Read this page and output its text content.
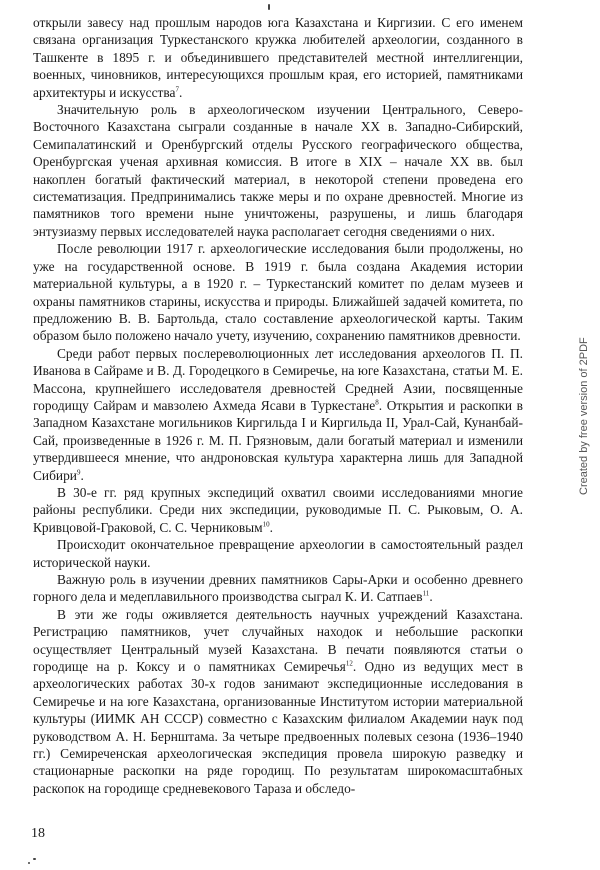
открыли завесу над прошлым народов юга Казахстана и Киргизии. С его именем связана организация Туркестанского кружка любителей археологии, созданного в Ташкенте в 1895 г. и объединившего представителей местной интеллигенции, военных, чиновников, интересующихся прошлым края, его историей, памятниками архитектуры и искусства$^7$.

Значительную роль в археологическом изучении Центрального, Северо-Восточного Казахстана сыграли созданные в начале XX в. Западно-Сибирский, Семипалатинский и Оренбургский отделы Русского географического общества, Оренбургская ученая архивная комиссия. В итоге в XIX – начале XX вв. был накоплен богатый фактический материал, в некоторой степени проведена его систематизация. Предпринимались также меры и по охране древностей. Многие из памятников того времени ныне уничтожены, разрушены, и лишь благодаря энтузиазму первых исследователей наука располагает сегодня сведениями о них.

После революции 1917 г. археологические исследования были продолжены, но уже на государственной основе. В 1919 г. была создана Академия истории материальной культуры, а в 1920 г. – Туркестанский комитет по делам музеев и охраны памятников старины, искусства и природы. Ближайшей задачей комитета, по предложению В. В. Бартольда, стало составление археологической карты. Таким образом было положено начало учету, изучению, сохранению памятников древности.

Среди работ первых послереволюционных лет исследования археологов П. П. Иванова в Сайраме и В. Д. Городецкого в Семиречье, на юге Казахстана, статьи М. Е. Массона, крупнейшего исследователя древностей Средней Азии, посвященные городищу Сайрам и мавзолею Ахмеда Ясави в Туркестане$^8$. Открытия и раскопки в Западном Казахстане могильников Киргильда I и Киргильда II, Урал-Сай, Кунанбай-Сай, произведенные в 1926 г. М. П. Грязновым, дали богатый материал и изменили утвердившееся мнение, что андроновская культура характерна лишь для Западной Сибири$^9$.

В 30-е гг. ряд крупных экспедиций охватил своими исследованиями многие районы республики. Среди них экспедиции, руководимые П. С. Рыковым, О. А. Кривцовой-Граковой, С. С. Черниковым$^{10}$.

Происходит окончательное превращение археологии в самостоятельный раздел исторической науки.

Важную роль в изучении древних памятников Сары-Арки и особенно древнего горного дела и медеплавильного производства сыграл К. И. Сатпаев$^{11}$.

В эти же годы оживляется деятельность научных учреждений Казахстана. Регистрацию памятников, учет случайных находок и небольшие раскопки осуществляет Центральный музей Казахстана. В печати появляются статьи о городище на р. Коксу и о памятниках Семиречья$^{12}$. Одно из ведущих мест в археологических работах 30-х годов занимают экспедиционные исследования в Семиречье и на юге Казахстана, организованные Институтом истории материальной культуры (ИИМК АН СССР) совместно с Казахским филиалом Академии наук под руководством А. Н. Бернштама. За четыре предвоенных полевых сезона (1936–1940 гг.) Семиреченская археологическая экспедиция провела широкую разведку и стационарные раскопки на ряде городищ. По результатам широкомасштабных раскопок на городище средневекового Тараза и обследо-

Created by free version of 2PDF
18
